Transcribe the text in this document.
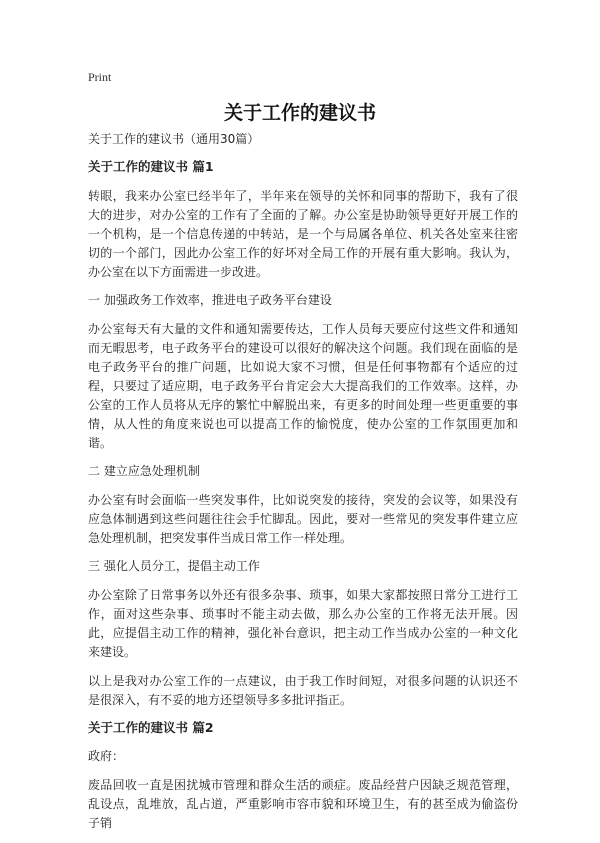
Print
关于工作的建议书

关于工作的建议书（通用30篇）

关于工作的建议书 篇1

转眼，我来办公室已经半年了，半年来在领导的关怀和同事的帮助下，我有了很大的进步，对办公室的工作有了全面的了解。办公室是协助领导更好开展工作的一个机构，是一个信息传递的中转站，是一个与局属各单位、机关各处室来往密切的一个部门，因此办公室工作的好坏对全局工作的开展有重大影响。我认为，办公室在以下方面需进一步改进。

一 加强政务工作效率，推进电子政务平台建设

办公室每天有大量的文件和通知需要传达，工作人员每天要应付这些文件和通知而无暇思考，电子政务平台的建设可以很好的解决这个问题。我们现在面临的是电子政务平台的推广问题，比如说大家不习惯，但是任何事物都有个适应的过程，只要过了适应期，电子政务平台肯定会大大提高我们的工作效率。这样，办公室的工作人员将从无序的繁忙中解脱出来，有更多的时间处理一些更重要的事情，从人性的角度来说也可以提高工作的愉悦度，使办公室的工作氛围更加和谐。

二 建立应急处理机制

办公室有时会面临一些突发事件，比如说突发的接待，突发的会议等，如果没有应急体制遇到这些问题往往会手忙脚乱。因此，要对一些常见的突发事件建立应急处理机制，把突发事件当成日常工作一样处理。

三 强化人员分工，提倡主动工作

办公室除了日常事务以外还有很多杂事、琐事，如果大家都按照日常分工进行工作，面对这些杂事、琐事时不能主动去做，那么办公室的工作将无法开展。因此，应提倡主动工作的精神，强化补台意识，把主动工作当成办公室的一种文化来建设。

以上是我对办公室工作的一点建议，由于我工作时间短，对很多问题的认识还不是很深入，有不妥的地方还望领导多多批评指正。

关于工作的建议书 篇2

政府：

废品回收一直是困扰城市管理和群众生活的顽症。废品经营户因缺乏规范管理，乱设点，乱堆放，乱占道，严重影响市容市貌和环境卫生，有的甚至成为偷盗份子销
